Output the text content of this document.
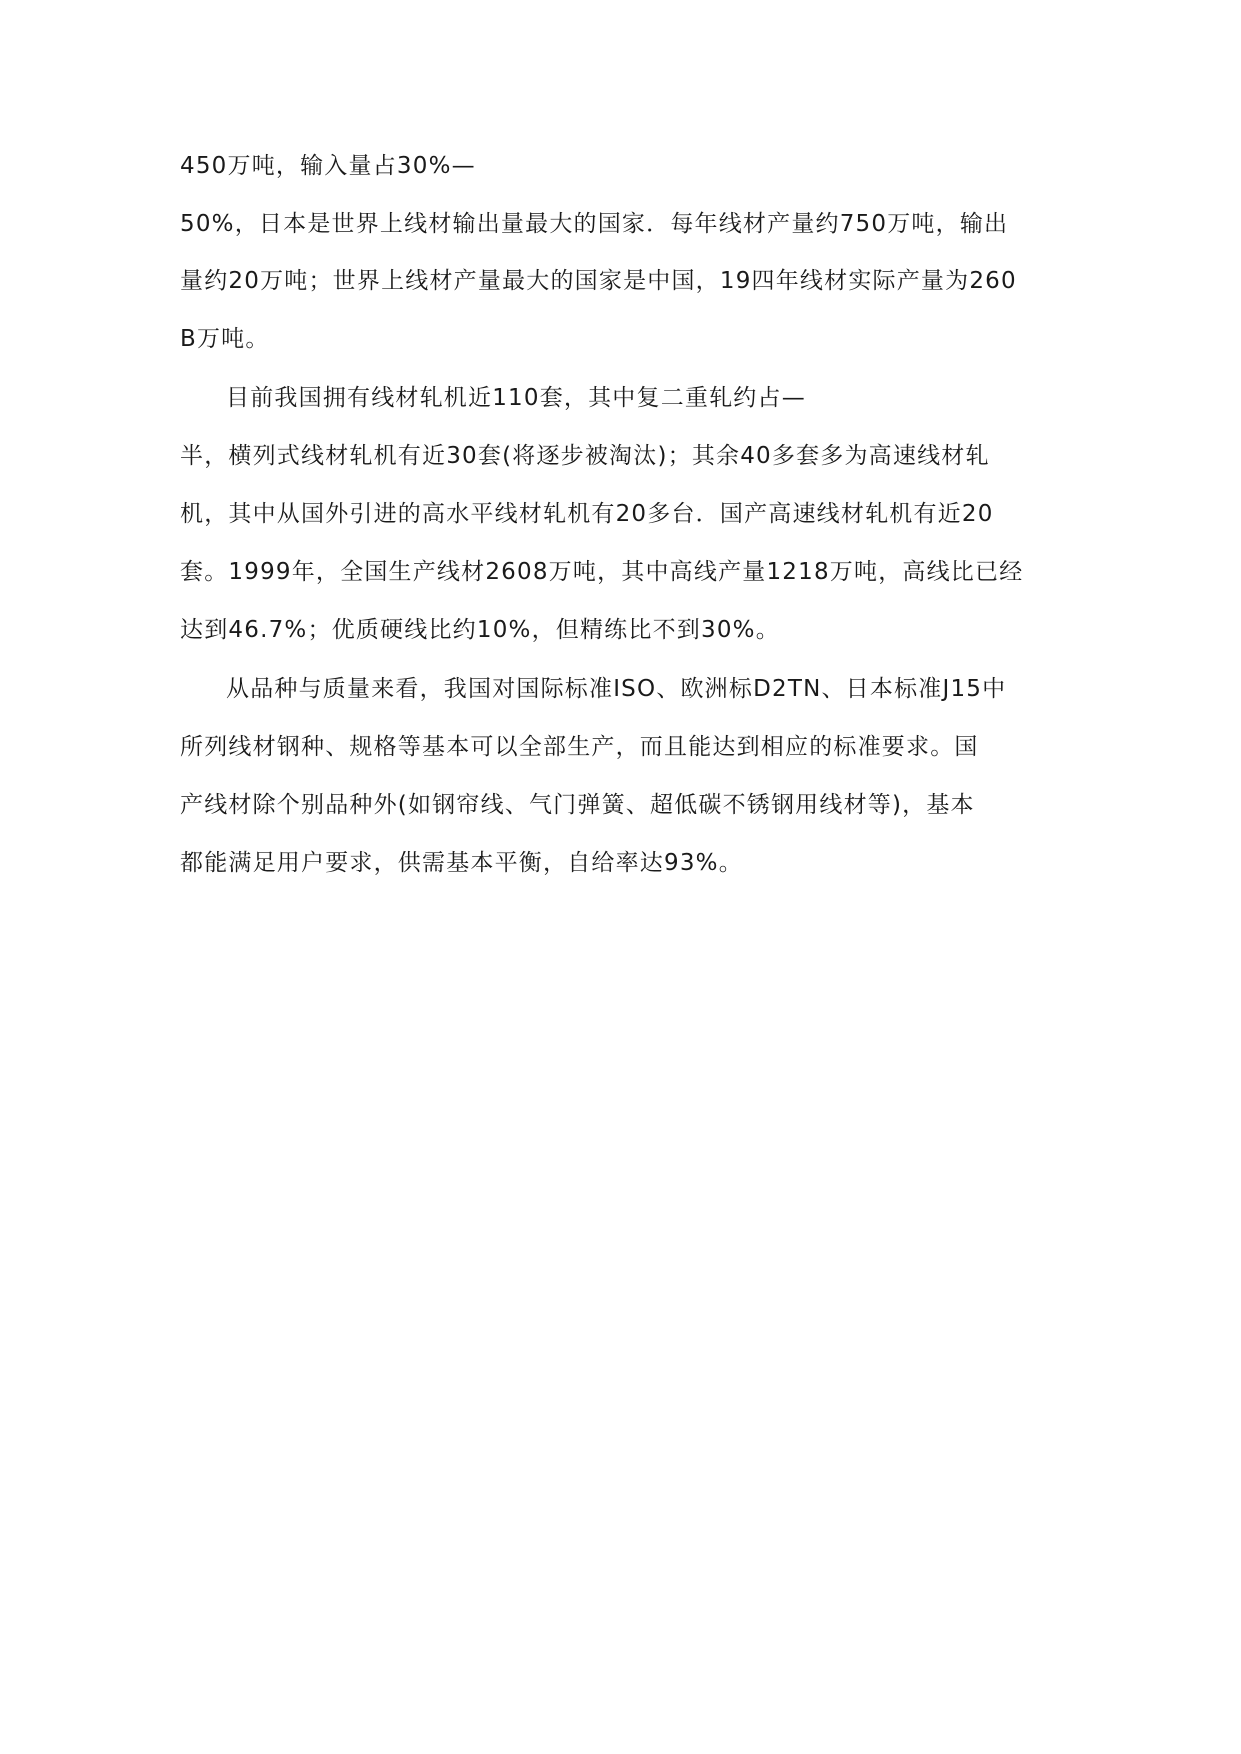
450万吨，输入量占30%—
50%，日本是世界上线材输出量最大的国家．每年线材产量约750万吨，输出
量约20万吨；世界上线材产量最大的国家是中国，19四年线材实际产量为260
B万吨。
目前我国拥有线材轧机近110套，其中复二重轧约占—
半，横列式线材轧机有近30套(将逐步被淘汰)；其余40多套多为高速线材轧
机，其中从国外引进的高水平线材轧机有20多台．国产高速线材轧机有近20
套。1999年，全国生产线材2608万吨，其中高线产量1218万吨，高线比已经
达到46.7%；优质硬线比约10%，但精练比不到30%。
从品种与质量来看，我国对国际标准ISO、欧洲标D2TN、日本标准J15中
所列线材钢种、规格等基本可以全部生产，而且能达到相应的标准要求。国
产线材除个别品种外(如钢帘线、气门弹簧、超低碳不锈钢用线材等)，基本
都能满足用户要求，供需基本平衡，自给率达93%。
